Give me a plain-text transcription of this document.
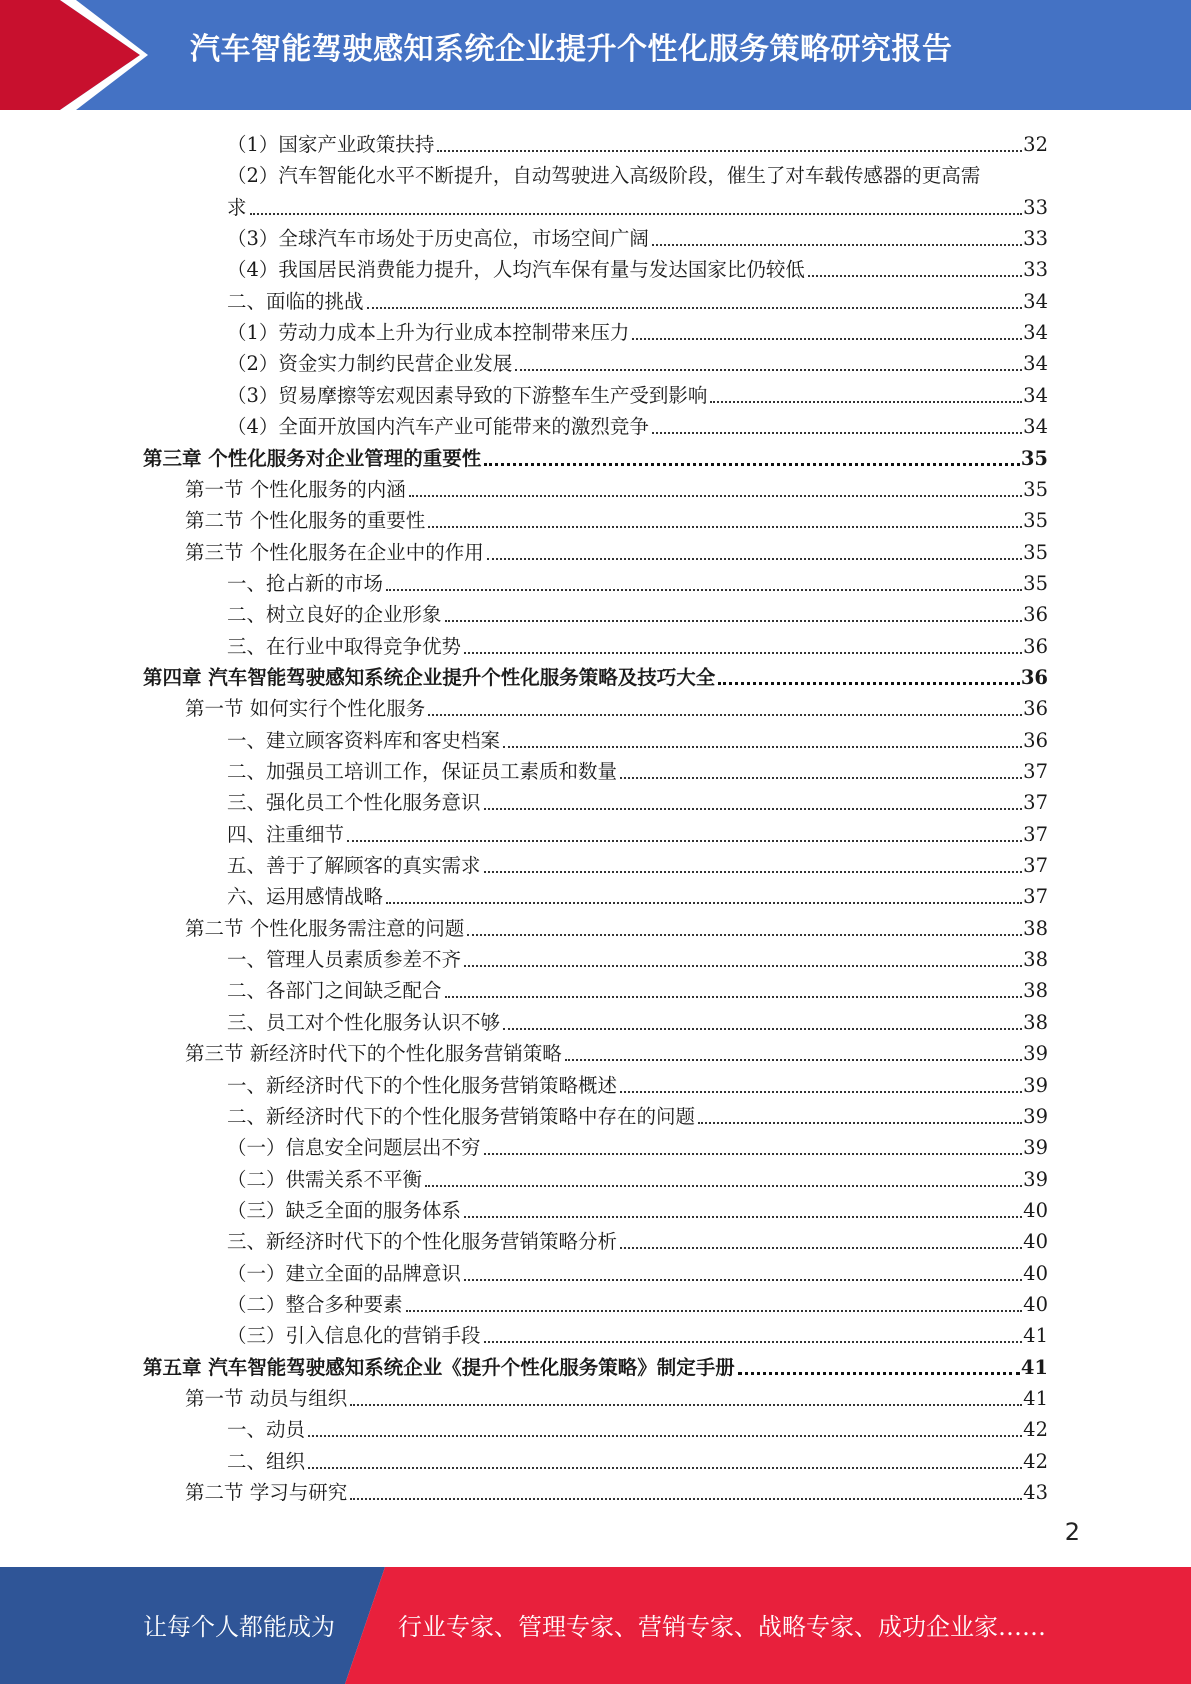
汽车智能驾驶感知系统企业提升个性化服务策略研究报告
（1）国家产业政策扶持	32
（2）汽车智能化水平不断提升，自动驾驶进入高级阶段，催生了对车载传感器的更高需
求	33
（3）全球汽车市场处于历史高位，市场空间广阔	33
（4）我国居民消费能力提升，人均汽车保有量与发达国家比仍较低	33
二、面临的挑战	34
（1）劳动力成本上升为行业成本控制带来压力	34
（2）资金实力制约民营企业发展	34
（3）贸易摩擦等宏观因素导致的下游整车生产受到影响	34
（4）全面开放国内汽车产业可能带来的激烈竞争	34
第三章 个性化服务对企业管理的重要性	35
第一节 个性化服务的内涵	35
第二节 个性化服务的重要性	35
第三节 个性化服务在企业中的作用	35
一、抢占新的市场	35
二、树立良好的企业形象	36
三、在行业中取得竞争优势	36
第四章 汽车智能驾驶感知系统企业提升个性化服务策略及技巧大全	36
第一节 如何实行个性化服务	36
一、建立顾客资料库和客史档案	36
二、加强员工培训工作，保证员工素质和数量	37
三、强化员工个性化服务意识	37
四、注重细节	37
五、善于了解顾客的真实需求	37
六、运用感情战略	37
第二节 个性化服务需注意的问题	38
一、管理人员素质参差不齐	38
二、各部门之间缺乏配合	38
三、员工对个性化服务认识不够	38
第三节 新经济时代下的个性化服务营销策略	39
一、新经济时代下的个性化服务营销策略概述	39
二、新经济时代下的个性化服务营销策略中存在的问题	39
（一）信息安全问题层出不穷	39
（二）供需关系不平衡	39
（三）缺乏全面的服务体系	40
三、新经济时代下的个性化服务营销策略分析	40
（一）建立全面的品牌意识	40
（二）整合多种要素	40
（三）引入信息化的营销手段	41
第五章 汽车智能驾驶感知系统企业《提升个性化服务策略》制定手册	41
第一节 动员与组织	41
一、动员	42
二、组织	42
第二节 学习与研究	43
2
让每个人都能成为	行业专家、管理专家、营销专家、战略专家、成功企业家……
